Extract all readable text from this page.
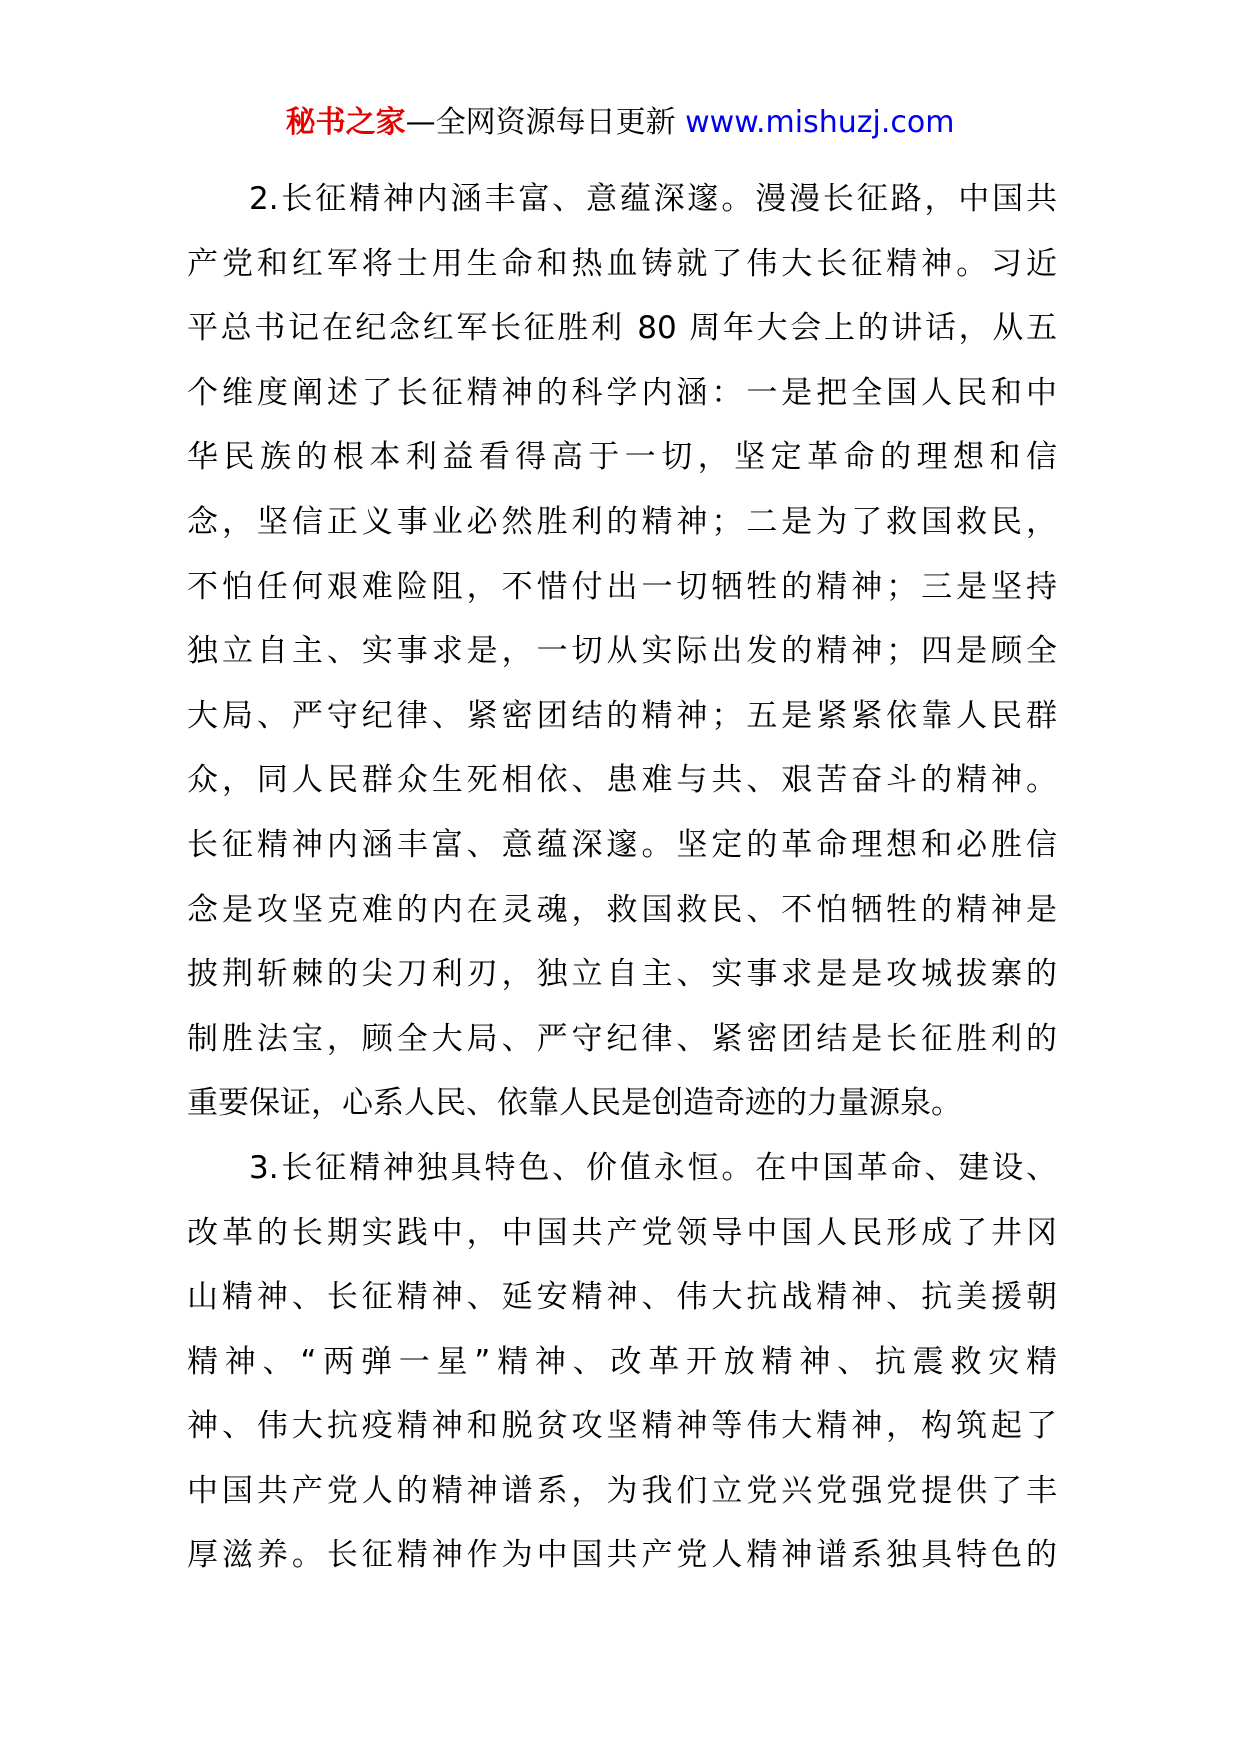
秘书之家—全网资源每日更新 www.mishuzj.com
2.长征精神内涵丰富、意蕴深邃。漫漫长征路，中国共
产党和红军将士用生命和热血铸就了伟大长征精神。习近
平总书记在纪念红军长征胜利 80 周年大会上的讲话，从五
个维度阐述了长征精神的科学内涵：一是把全国人民和中
华民族的根本利益看得高于一切，坚定革命的理想和信
念，坚信正义事业必然胜利的精神；二是为了救国救民，
不怕任何艰难险阻，不惜付出一切牺牲的精神；三是坚持
独立自主、实事求是，一切从实际出发的精神；四是顾全
大局、严守纪律、紧密团结的精神；五是紧紧依靠人民群
众，同人民群众生死相依、患难与共、艰苦奋斗的精神。
长征精神内涵丰富、意蕴深邃。坚定的革命理想和必胜信
念是攻坚克难的内在灵魂，救国救民、不怕牺牲的精神是
披荆斩棘的尖刀利刃，独立自主、实事求是是攻城拔寨的
制胜法宝，顾全大局、严守纪律、紧密团结是长征胜利的
重要保证，心系人民、依靠人民是创造奇迹的力量源泉。
3.长征精神独具特色、价值永恒。在中国革命、建设、
改革的长期实践中，中国共产党领导中国人民形成了井冈
山精神、长征精神、延安精神、伟大抗战精神、抗美援朝
精神、“两弹一星”精神、改革开放精神、抗震救灾精
神、伟大抗疫精神和脱贫攻坚精神等伟大精神，构筑起了
中国共产党人的精神谱系，为我们立党兴党强党提供了丰
厚滋养。长征精神作为中国共产党人精神谱系独具特色的
